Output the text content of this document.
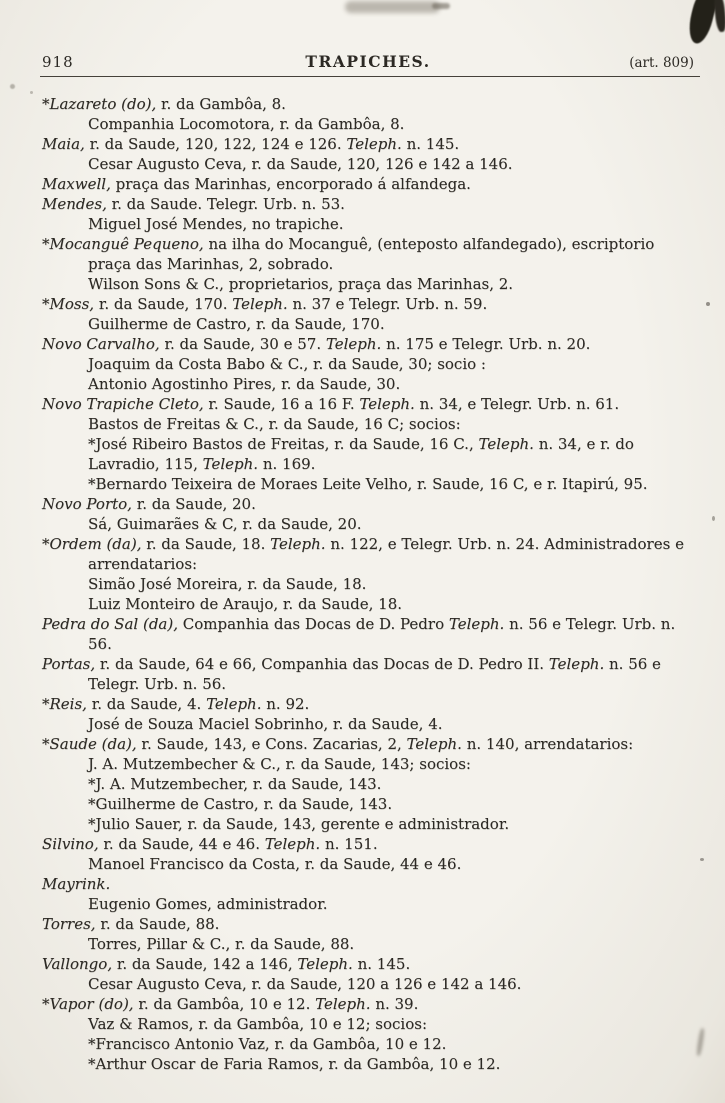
918	TRAPICHES.	(art. 809)
*Lazareto (do), r. da Gambôa, 8.
Companhia Locomotora, r. da Gambôa, 8.
Maia, r. da Saude, 120, 122, 124 e 126. Teleph. n. 145.
Cesar Augusto Ceva, r. da Saude, 120, 126 e 142 a 146.
Maxwell, praça das Marinhas, encorporado á alfandega.
Mendes, r. da Saude. Telegr. Urb. n. 53.
Miguel José Mendes, no trapiche.
*Mocanguê Pequeno, na ilha do Mocanguê, (enteposto alfandegado), escriptorio praça das Marinhas, 2, sobrado.
Wilson Sons & C., proprietarios, praça das Marinhas, 2.
*Moss, r. da Saude, 170. Teleph. n. 37 e Telegr. Urb. n. 59.
Guilherme de Castro, r. da Saude, 170.
Novo Carvalho, r. da Saude, 30 e 57. Teleph. n. 175 e Telegr. Urb. n. 20.
Joaquim da Costa Babo & C., r. da Saude, 30; socio :
Antonio Agostinho Pires, r. da Saude, 30.
Novo Trapiche Cleto, r. Saude, 16 a 16 F. Teleph. n. 34, e Telegr. Urb. n. 61.
Bastos de Freitas & C., r. da Saude, 16 C; socios:
*José Ribeiro Bastos de Freitas, r. da Saude, 16 C., Teleph. n. 34, e r. do Lavradio, 115, Teleph. n. 169.
*Bernardo Teixeira de Moraes Leite Velho, r. Saude, 16 C, e r. Itapirú, 95.
Novo Porto, r. da Saude, 20.
Sá, Guimarães & C, r. da Saude, 20.
*Ordem (da), r. da Saude, 18. Teleph. n. 122, e Telegr. Urb. n. 24. Administradores e arrendatarios:
Simão José Moreira, r. da Saude, 18.
Luiz Monteiro de Araujo, r. da Saude, 18.
Pedra do Sal (da), Companhia das Docas de D. Pedro Teleph. n. 56 e Telegr. Urb. n. 56.
Portas, r. da Saude, 64 e 66, Companhia das Docas de D. Pedro II. Teleph. n. 56 e Telegr. Urb. n. 56.
*Reis, r. da Saude, 4. Teleph. n. 92.
José de Souza Maciel Sobrinho, r. da Saude, 4.
*Saude (da), r. Saude, 143, e Cons. Zacarias, 2, Teleph. n. 140, arrendatarios:
J. A. Mutzembecher & C., r. da Saude, 143; socios:
*J. A. Mutzembecher, r. da Saude, 143.
*Guilherme de Castro, r. da Saude, 143.
*Julio Sauer, r. da Saude, 143, gerente e administrador.
Silvino, r. da Saude, 44 e 46. Teleph. n. 151.
Manoel Francisco da Costa, r. da Saude, 44 e 46.
Mayrink.
Eugenio Gomes, administrador.
Torres, r. da Saude, 88.
Torres, Pillar & C., r. da Saude, 88.
Vallongo, r. da Saude, 142 a 146, Teleph. n. 145.
Cesar Augusto Ceva, r. da Saude, 120 a 126 e 142 a 146.
*Vapor (do), r. da Gambôa, 10 e 12. Teleph. n. 39.
Vaz & Ramos, r. da Gambôa, 10 e 12; socios:
*Francisco Antonio Vaz, r. da Gambôa, 10 e 12.
*Arthur Oscar de Faria Ramos, r. da Gambôa, 10 e 12.
